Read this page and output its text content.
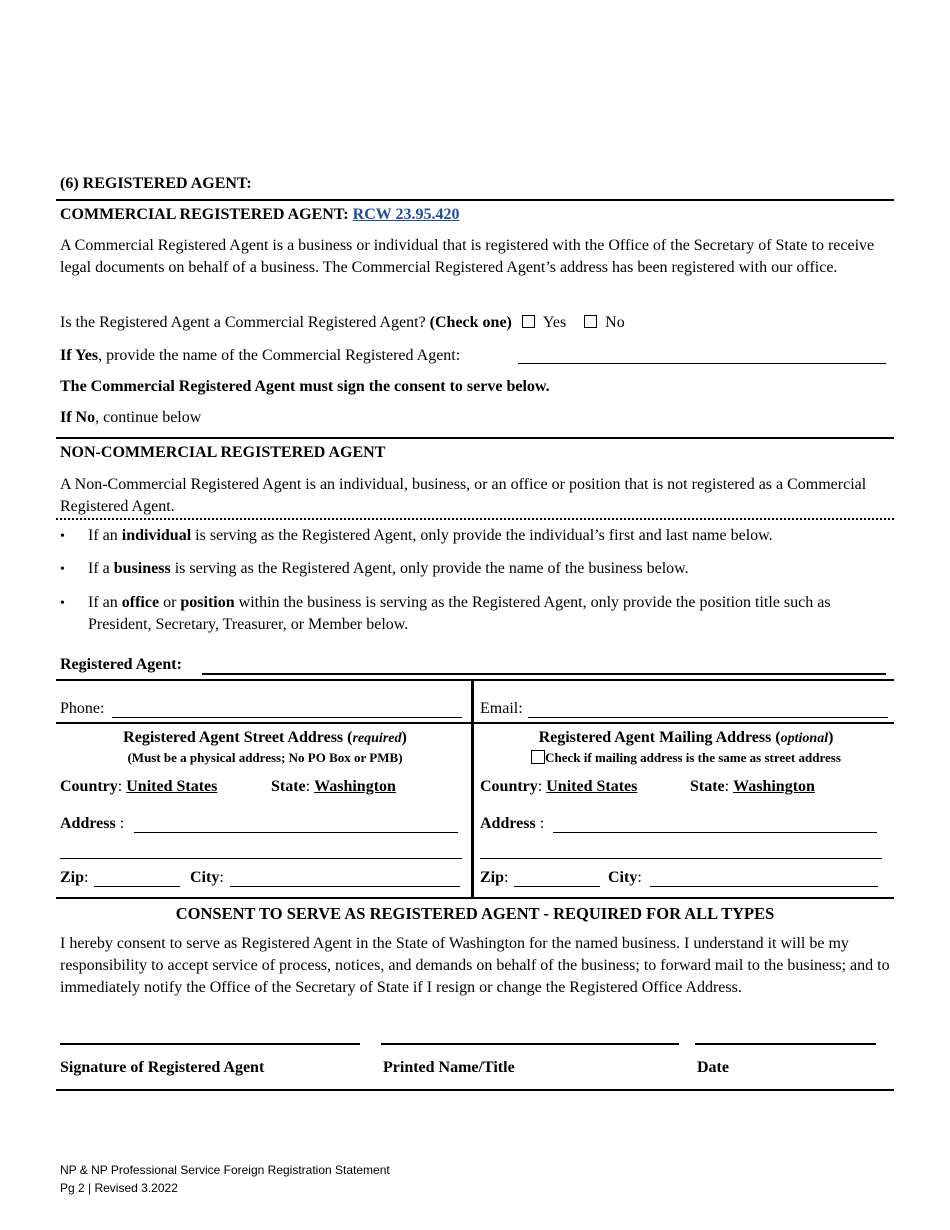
(6) REGISTERED AGENT:
COMMERCIAL REGISTERED AGENT: RCW 23.95.420
A Commercial Registered Agent is a business or individual that is registered with the Office of the Secretary of State to receive legal documents on behalf of a business. The Commercial Registered Agent’s address has been registered with our office.
Is the Registered Agent a Commercial Registered Agent? (Check one) Yes No
If Yes, provide the name of the Commercial Registered Agent:
The Commercial Registered Agent must sign the consent to serve below.
If No, continue below
NON-COMMERCIAL REGISTERED AGENT
A Non-Commercial Registered Agent is an individual, business, or an office or position that is not registered as a Commercial Registered Agent.
•	If an individual is serving as the Registered Agent, only provide the individual’s first and last name below.
•	If a business is serving as the Registered Agent, only provide the name of the business below.
•	If an office or position within the business is serving as the Registered Agent, only provide the position title such as President, Secretary, Treasurer, or Member below.
Registered Agent:
Phone:	Email:
Registered Agent Street Address (required)
(Must be a physical address; No PO Box or PMB)
Country: United States	State: Washington
Address :
Zip:	City:
Registered Agent Mailing Address (optional)
Check if mailing address is the same as street address
Country: United States	State: Washington
Address :
Zip:	City:
CONSENT TO SERVE AS REGISTERED AGENT - REQUIRED FOR ALL TYPES
I hereby consent to serve as Registered Agent in the State of Washington for the named business. I understand it will be my responsibility to accept service of process, notices, and demands on behalf of the business; to forward mail to the business; and to immediately notify the Office of the Secretary of State if I resign or change the Registered Office Address.
Signature of Registered Agent	Printed Name/Title	Date
NP & NP Professional Service Foreign Registration Statement
Pg 2 | Revised 3.2022
